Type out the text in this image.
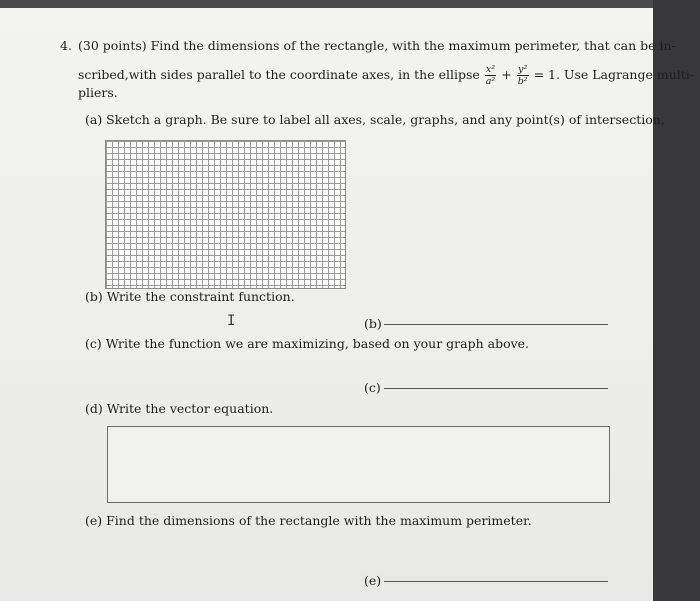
4. (30 points) Find the dimensions of the rectangle, with the maximum perimeter, that can be in-
scribed,with sides parallel to the coordinate axes, in the ellipse $\frac{\text{x²}}{\text{a²}} + \frac{\text{y²}}{\text{b²}} = 1$. Use Lagrange multi-
pliers.
(a) Sketch a graph. Be sure to label all axes, scale, graphs, and any point(s) of intersection.
(b) Write the constraint function.
I	(b)
(c) Write the function we are maximizing, based on your graph above.
(c)
(d) Write the vector equation.
(e) Find the dimensions of the rectangle with the maximum perimeter.
(e)
